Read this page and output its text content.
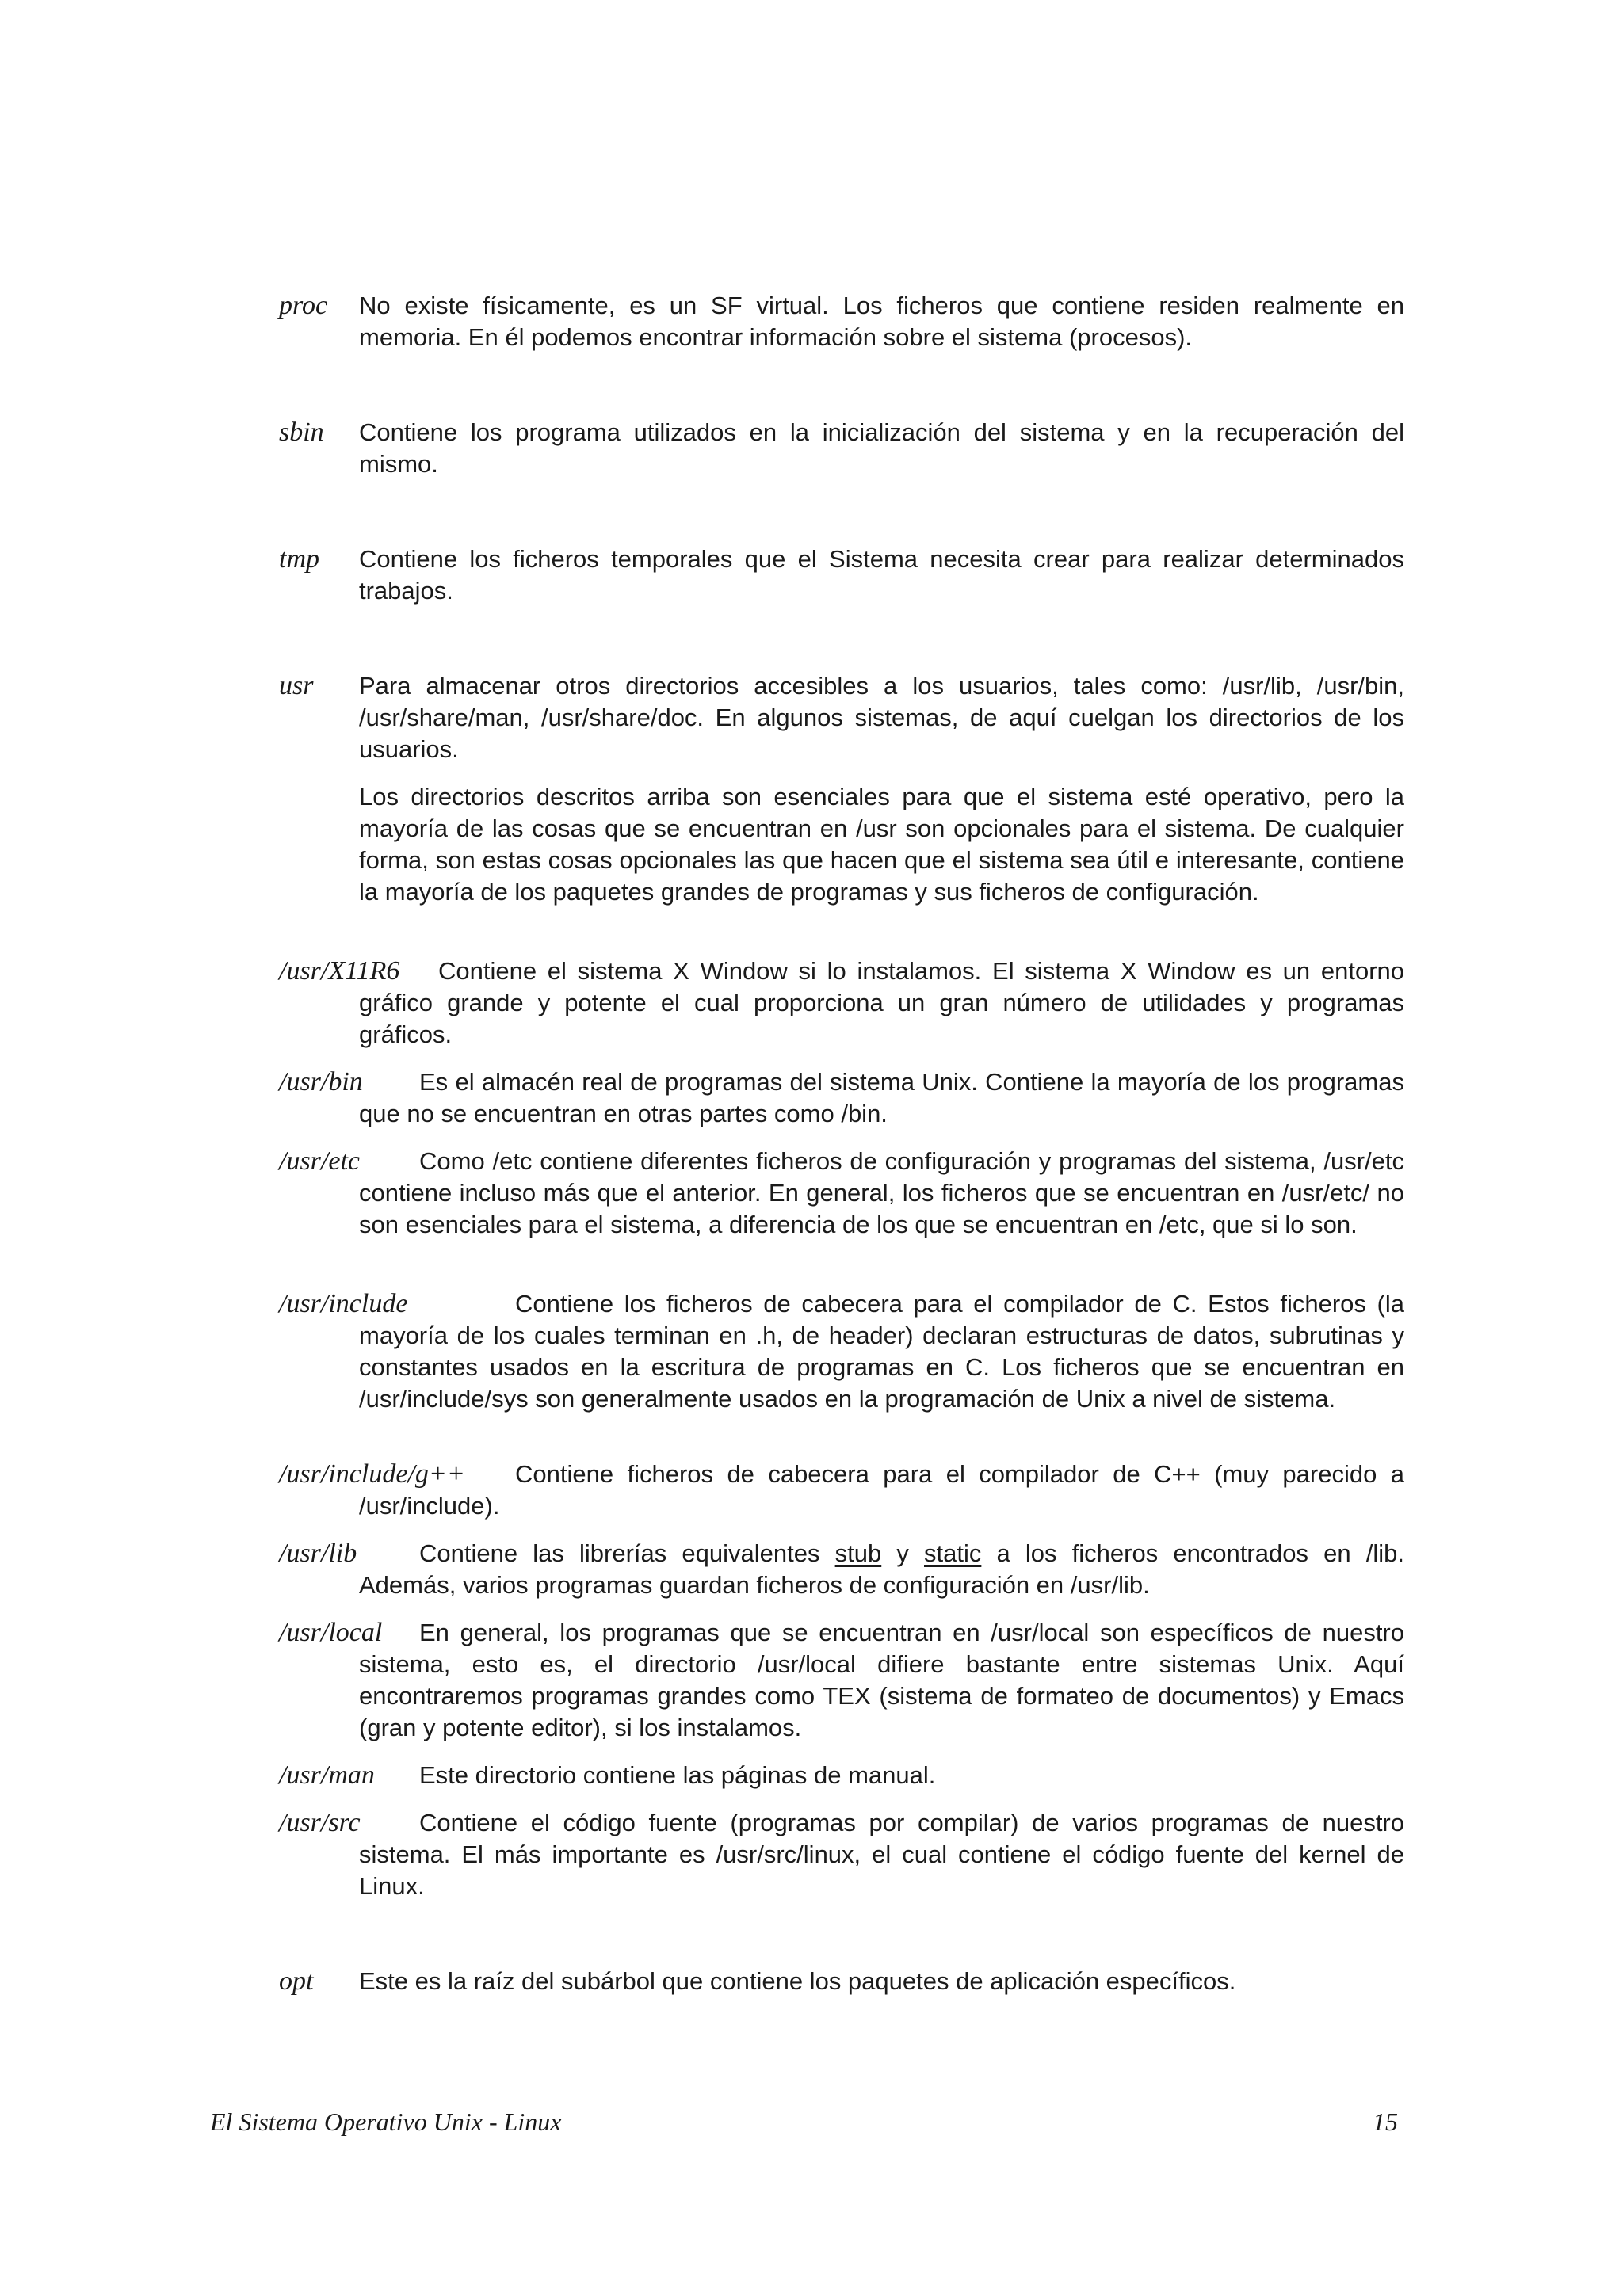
proc No existe físicamente, es un SF virtual. Los ficheros que contiene residen realmente en memoria. En él podemos encontrar información sobre el sistema (procesos).
sbin Contiene los programa utilizados en la inicialización del sistema y en la recuperación del mismo.
tmp Contiene los ficheros temporales que el Sistema necesita crear para realizar determinados trabajos.
usr Para almacenar otros directorios accesibles a los usuarios, tales como: /usr/lib, /usr/bin, /usr/share/man, /usr/share/doc. En algunos sistemas, de aquí cuelgan los directorios de los usuarios.
Los directorios descritos arriba son esenciales para que el sistema esté operativo, pero la mayoría de las cosas que se encuentran en /usr son opcionales para el sistema. De cualquier forma, son estas cosas opcionales las que hacen que el sistema sea útil e interesante, contiene la mayoría de los paquetes grandes de programas y sus ficheros de configuración.
/usr/X11R6	Contiene el sistema X Window si lo instalamos. El sistema X Window es un entorno gráfico grande y potente el cual proporciona un gran número de utilidades y programas gráficos.
/usr/bin	Es el almacén real de programas del sistema Unix. Contiene la mayoría de los programas que no se encuentran en otras partes como /bin.
/usr/etc	Como /etc contiene diferentes ficheros de configuración y programas del sistema, /usr/etc contiene incluso más que el anterior. En general, los ficheros que se encuentran en /usr/etc/ no son esenciales para el sistema, a diferencia de los que se encuentran en /etc, que si lo son.
/usr/include	Contiene los ficheros de cabecera para el compilador de C. Estos ficheros (la mayoría de los cuales terminan en .h, de header) declaran estructuras de datos, subrutinas y constantes usados en la escritura de programas en C. Los ficheros que se encuentran en /usr/include/sys son generalmente usados en la programación de Unix a nivel de sistema.
/usr/include/g++	Contiene ficheros de cabecera para el compilador de C++ (muy parecido a /usr/include).
/usr/lib	Contiene las librerías equivalentes stub y static a los ficheros encontrados en /lib. Además, varios programas guardan ficheros de configuración en /usr/lib.
/usr/local	En general, los programas que se encuentran en /usr/local son específicos de nuestro sistema, esto es, el directorio /usr/local difiere bastante entre sistemas Unix. Aquí encontraremos programas grandes como TEX (sistema de formateo de documentos) y Emacs (gran y potente editor), si los instalamos.
/usr/man	Este directorio contiene las páginas de manual.
/usr/src	Contiene el código fuente (programas por compilar) de varios programas de nuestro sistema. El más importante es /usr/src/linux, el cual contiene el código fuente del kernel de Linux.
opt Este es la raíz del subárbol que contiene los paquetes de aplicación específicos.
El Sistema Operativo Unix - Linux	15
